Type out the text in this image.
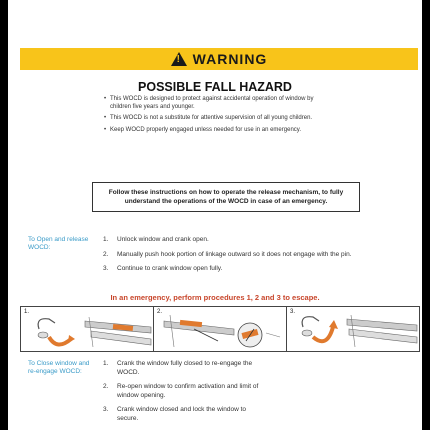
! WARNING
POSSIBLE FALL HAZARD
• This WOCD is designed to protect against accidental operation of window by children five years and younger.
• This WOCD is not a substitute for attentive supervision of all young children.
• Keep WOCD properly engaged unless needed for use in an emergency.
Follow these instructions on how to operate the release mechanism, to fully understand the operations of the WOCD in case of an emergency.
To Open and release WOCD:
1.	Unlock window and crank open.
2.	Manually push hook portion of linkage outward so it does not engage with the pin.
3.	Continue to crank window open fully.
In an emergency, perform procedures 1, 2 and 3 to escape.
1.	2.	3.
To Close window and re-engage WOCD:
1.	Crank the window fully closed to re-engage the WOCD.
2.	Re-open window to confirm activation and limit of window opening.
3.	Crank window closed and lock the window to secure.
